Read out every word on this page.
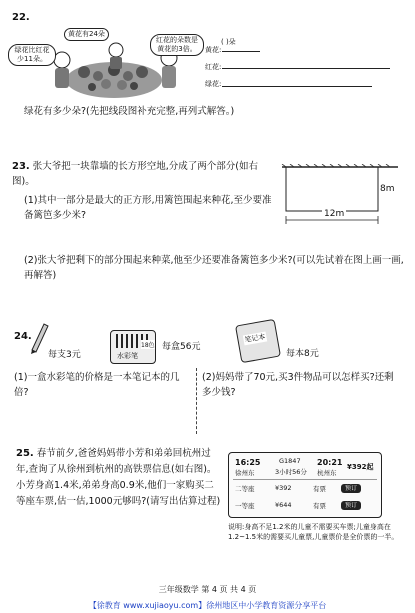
22.
黄花有24朵
绿花比红花少11朵。
红花的朵数是黄花的3倍。
( )朵
黄花:
红花:
绿花:
绿花有多少朵?(先把线段图补充完整,再列式解答。)
23. 张大爷把一块靠墙的长方形空地,分成了两个部分(如右图)。
(1)其中一部分是最大的正方形,用篱笆围起来种花,至少要准备篱笆多少米?
8m
12m
(2)张大爷把剩下的部分围起来种菜,他至少还要准备篱笆多少米?(可以先试着在图上画一画,再解答)
24.
每支3元	水彩笔
18色 每盒56元
笔记本
每本8元
(1)一盒水彩笔的价格是一本笔记本的几倍?
(2)妈妈带了70元,买3件物品可以怎样买?还剩多少钱?
25. 春节前夕,爸爸妈妈带小芳和弟弟回杭州过年,查询了从徐州到杭州的高铁票信息(如右图)。小芳身高1.4米,弟弟身高0.9米,他们一家购买二等座车票,估一估,1000元够吗?(请写出估算过程)
16:25
徐州东
G1847
3小时56分
20:21
杭州东
¥392起
二等座	¥392	有票	预订
一等座	¥644	有票	预订
说明:身高不足1.2米的儿童不需要买车票;儿童身高在1.2~1.5米的需要买儿童票,儿童票价是全价票的一半。
三年级数学 第 4 页 共 4 页
【徐教育 www.xujiaoyu.com】徐州地区中小学教育资源分享平台
